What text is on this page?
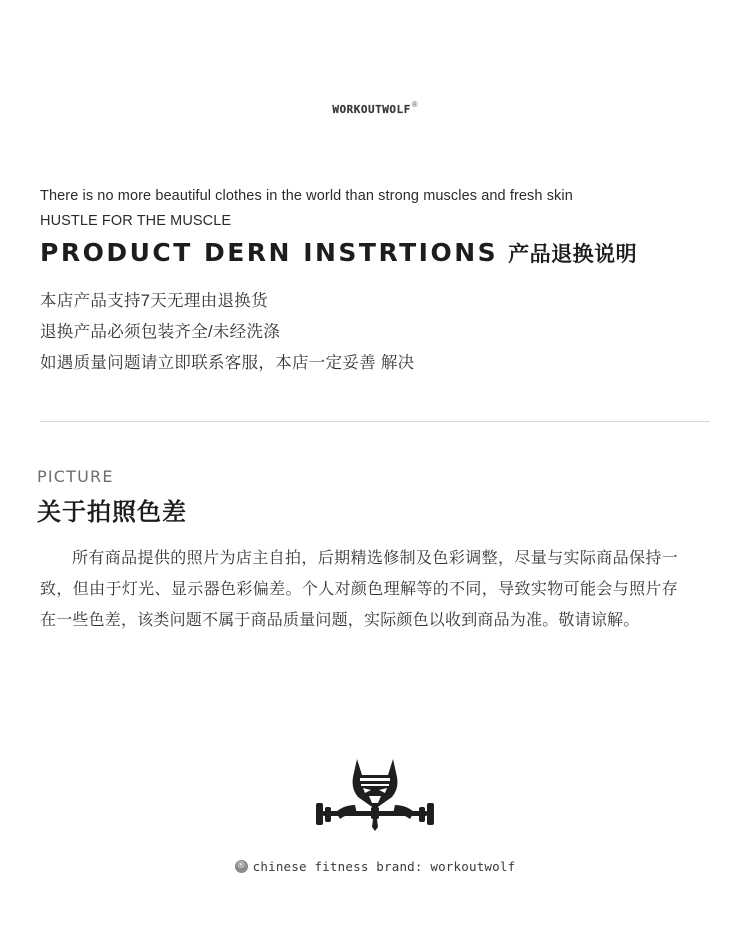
WORKOUTWOLF®
There is no more beautiful clothes in the world than strong muscles and fresh skin
HUSTLE FOR THE MUSCLE
PRODUCT DERN INSTRTIONS 产品退换说明
本店产品支持7天无理由退换货
退换产品必须包装齐全/未经洗涤
如遇质量问题请立即联系客服，本店一定妥善 解决
PICTURE
关于拍照色差
所有商品提供的照片为店主自拍，后期精选修制及色彩调整，尽量与实际商品保持一致，但由于灯光、显示器色彩偏差。个人对颜色理解等的不同，导致实物可能会与照片存在一些色差，该类问题不属于商品质量问题，实际颜色以收到商品为准。敬请谅解。
® chinese fitness brand: workoutwolf
